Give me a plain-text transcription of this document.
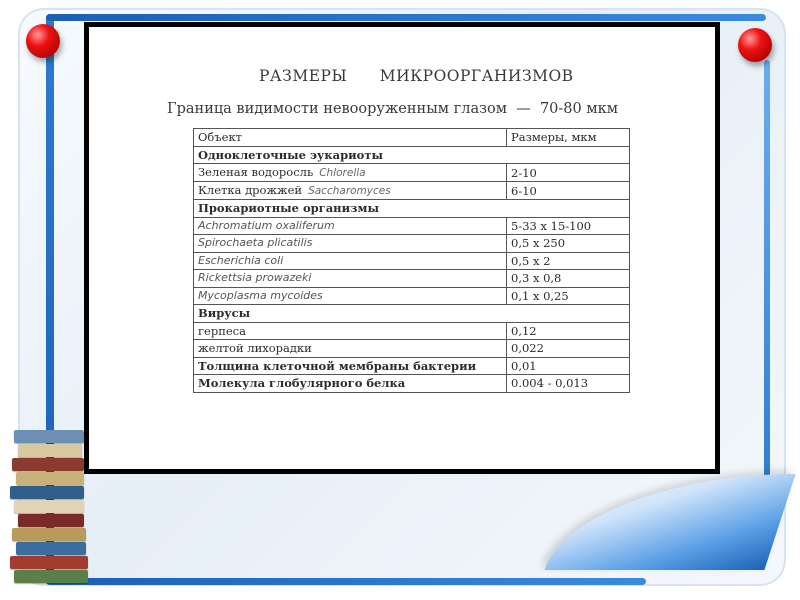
РАЗМЕРЫ      МИКРООРГАНИЗМОВ
Граница видимости невооруженным глазом  —  70-80 мкм
Объект	Размеры, мкм
Одноклеточные эукариоты	
Зеленая водоросль Chlorella	2-10
Клетка дрожжей Saccharomyces	6-10
Прокариотные организмы	
Achromatium oxaliferum	5-33 х 15-100
Spirochaeta plicatilis	0,5 х 250
Escherichia coli	0,5 х 2
Rickettsia prowazeki	0,3 х 0,8
Mycoplasma mycoides	0,1 х 0,25
Вирусы	
герпеса	0,12
желтой лихорадки	0,022
Толщина клеточной мембраны бактерии	0,01
Молекула глобулярного белка	0.004 - 0,013
